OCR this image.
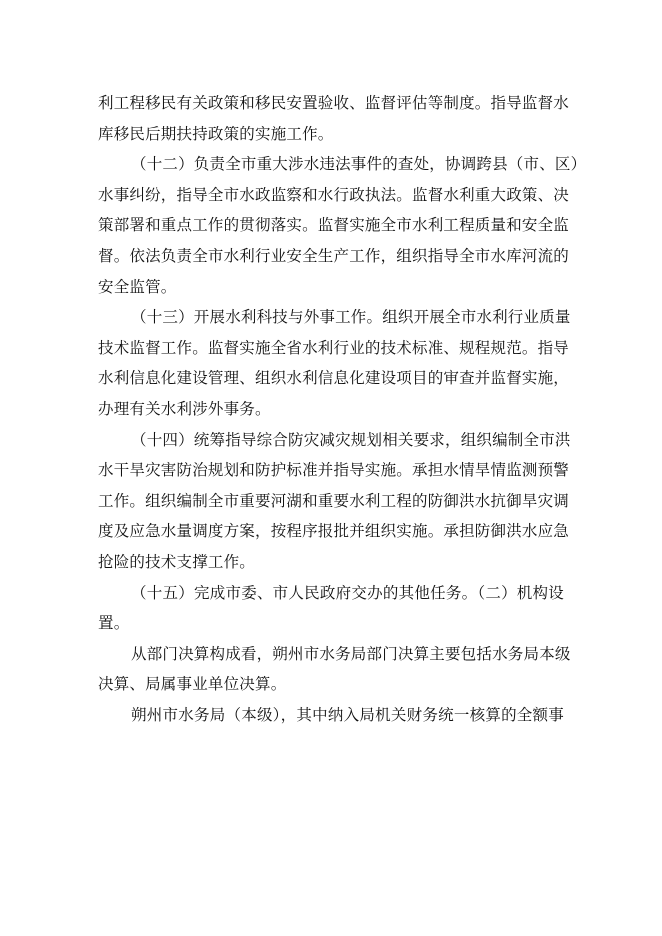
利工程移民有关政策和移民安置验收、监督评估等制度。指导监督水
库移民后期扶持政策的实施工作。
（十二）负责全市重大涉水违法事件的查处，协调跨县（市、区）
水事纠纷，指导全市水政监察和水行政执法。监督水利重大政策、决
策部署和重点工作的贯彻落实。监督实施全市水利工程质量和安全监
督。依法负责全市水利行业安全生产工作，组织指导全市水库河流的
安全监管。
（十三）开展水利科技与外事工作。组织开展全市水利行业质量
技术监督工作。监督实施全省水利行业的技术标准、规程规范。指导
水利信息化建设管理、组织水利信息化建设项目的审查并监督实施，
办理有关水利涉外事务。
（十四）统筹指导综合防灾减灾规划相关要求，组织编制全市洪
水干旱灾害防治规划和防护标准并指导实施。承担水情旱情监测预警
工作。组织编制全市重要河湖和重要水利工程的防御洪水抗御旱灾调
度及应急水量调度方案，按程序报批并组织实施。承担防御洪水应急
抢险的技术支撑工作。
（十五）完成市委、市人民政府交办的其他任务。（二）机构设
置。
从部门决算构成看，朔州市水务局部门决算主要包括水务局本级
决算、局属事业单位决算。
朔州市水务局（本级），其中纳入局机关财务统一核算的全额事
